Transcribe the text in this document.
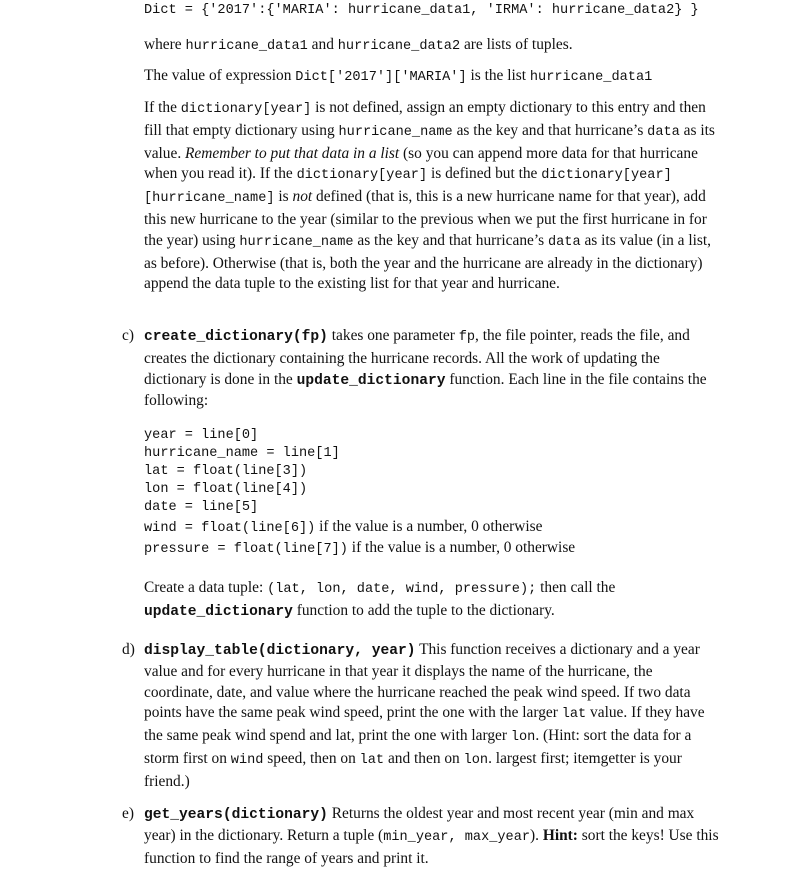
Dict = {'2017':{'MARIA': hurricane_data1, 'IRMA': hurricane_data2} }
where hurricane_data1 and hurricane_data2 are lists of tuples.
The value of expression Dict['2017']['MARIA'] is the list hurricane_data1
If the dictionary[year] is not defined, assign an empty dictionary to this entry and then fill that empty dictionary using hurricane_name as the key and that hurricane’s data as its value. Remember to put that data in a list (so you can append more data for that hurricane when you read it). If the dictionary[year] is defined but the dictionary[year][hurricane_name] is not defined (that is, this is a new hurricane name for that year), add this new hurricane to the year (similar to the previous when we put the first hurricane in for the year) using hurricane_name as the key and that hurricane’s data as its value (in a list, as before). Otherwise (that is, both the year and the hurricane are already in the dictionary) append the data tuple to the existing list for that year and hurricane.
c) create_dictionary(fp) takes one parameter fp, the file pointer, reads the file, and creates the dictionary containing the hurricane records. All the work of updating the dictionary is done in the update_dictionary function. Each line in the file contains the following:
year = line[0]
hurricane_name = line[1]
lat = float(line[3])
lon = float(line[4])
date = line[5]
wind = float(line[6]) if the value is a number, 0 otherwise
pressure = float(line[7]) if the value is a number, 0 otherwise
Create a data tuple: (lat, lon, date, wind, pressure); then call the
update_dictionary function to add the tuple to the dictionary.
d) display_table(dictionary, year) This function receives a dictionary and a year value and for every hurricane in that year it displays the name of the hurricane, the coordinate, date, and value where the hurricane reached the peak wind speed. If two data points have the same peak wind speed, print the one with the larger lat value. If they have the same peak wind spend and lat, print the one with larger lon. (Hint: sort the data for a storm first on wind speed, then on lat and then on lon. largest first; itemgetter is your friend.)
e) get_years(dictionary) Returns the oldest year and most recent year (min and max year) in the dictionary. Return a tuple (min_year, max_year). Hint: sort the keys! Use this function to find the range of years and print it.
